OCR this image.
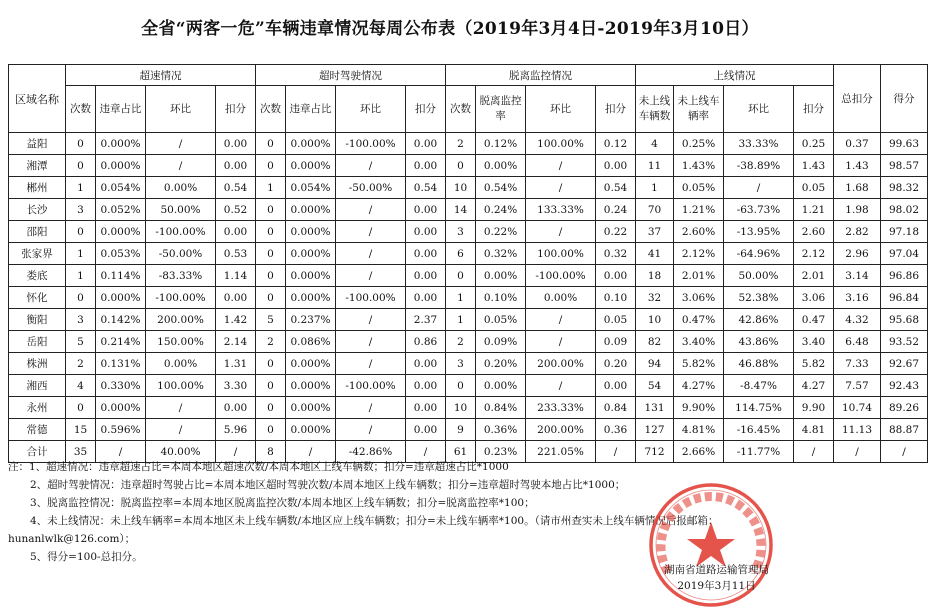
全省“两客一危”车辆违章情况每周公布表（2019年3月4日-2019年3月10日）
区域名称	超速情况				超时驾驶情况				脱离监控情况				上线情况				总扣分	得分
	次数	违章占比	环比	扣分	次数	违章占比	环比	扣分	次数	脱离监控率	环比	扣分	未上线车辆数	未上线车辆率	环比	扣分		
益阳	0	0.000%	/	0.00	0	0.000%	-100.00%	0.00	2	0.12%	100.00%	0.12	4	0.25%	33.33%	0.25	0.37	99.63
湘潭	0	0.000%	/	0.00	0	0.000%	/	0.00	0	0.00%	/	0.00	11	1.43%	-38.89%	1.43	1.43	98.57
郴州	1	0.054%	0.00%	0.54	1	0.054%	-50.00%	0.54	10	0.54%	/	0.54	1	0.05%	/	0.05	1.68	98.32
长沙	3	0.052%	50.00%	0.52	0	0.000%	/	0.00	14	0.24%	133.33%	0.24	70	1.21%	-63.73%	1.21	1.98	98.02
邵阳	0	0.000%	-100.00%	0.00	0	0.000%	/	0.00	3	0.22%	/	0.22	37	2.60%	-13.95%	2.60	2.82	97.18
张家界	1	0.053%	-50.00%	0.53	0	0.000%	/	0.00	6	0.32%	100.00%	0.32	41	2.12%	-64.96%	2.12	2.96	97.04
娄底	1	0.114%	-83.33%	1.14	0	0.000%	/	0.00	0	0.00%	-100.00%	0.00	18	2.01%	50.00%	2.01	3.14	96.86
怀化	0	0.000%	-100.00%	0.00	0	0.000%	-100.00%	0.00	1	0.10%	0.00%	0.10	32	3.06%	52.38%	3.06	3.16	96.84
衡阳	3	0.142%	200.00%	1.42	5	0.237%	/	2.37	1	0.05%	/	0.05	10	0.47%	42.86%	0.47	4.32	95.68
岳阳	5	0.214%	150.00%	2.14	2	0.086%	/	0.86	2	0.09%	/	0.09	82	3.40%	43.86%	3.40	6.48	93.52
株洲	2	0.131%	0.00%	1.31	0	0.000%	/	0.00	3	0.20%	200.00%	0.20	94	5.82%	46.88%	5.82	7.33	92.67
湘西	4	0.330%	100.00%	3.30	0	0.000%	-100.00%	0.00	0	0.00%	/	0.00	54	4.27%	-8.47%	4.27	7.57	92.43
永州	0	0.000%	/	0.00	0	0.000%	/	0.00	10	0.84%	233.33%	0.84	131	9.90%	114.75%	9.90	10.74	89.26
常德	15	0.596%	/	5.96	0	0.000%	/	0.00	9	0.36%	200.00%	0.36	127	4.81%	-16.45%	4.81	11.13	88.87
合计	35	/	40.00%	/	8	/	-42.86%	/	61	0.23%	221.05%	/	712	2.66%	-11.77%	/	/	/
注：1、超速情况：违章超速占比=本周本地区超速次数/本周本地区上线车辆数；扣分=违章超速占比*1000
2、超时驾驶情况：违章超时驾驶占比=本周本地区超时驾驶次数/本周本地区上线车辆数；扣分=违章超时驾驶本地占比*1000；
3、脱离监控情况：脱离监控率=本周本地区脱离监控次数/本周本地区上线车辆数；扣分=脱离监控率*100；
4、未上线情况：未上线车辆率=本周本地区未上线车辆数/本地区应上线车辆数；扣分=未上线车辆率*100。（请市州查实未上线车辆情况后报邮箱：
hunanlwlk@126.com）；
5、得分=100-总扣分。
湖南省道路运输管理局
2019年3月11日
